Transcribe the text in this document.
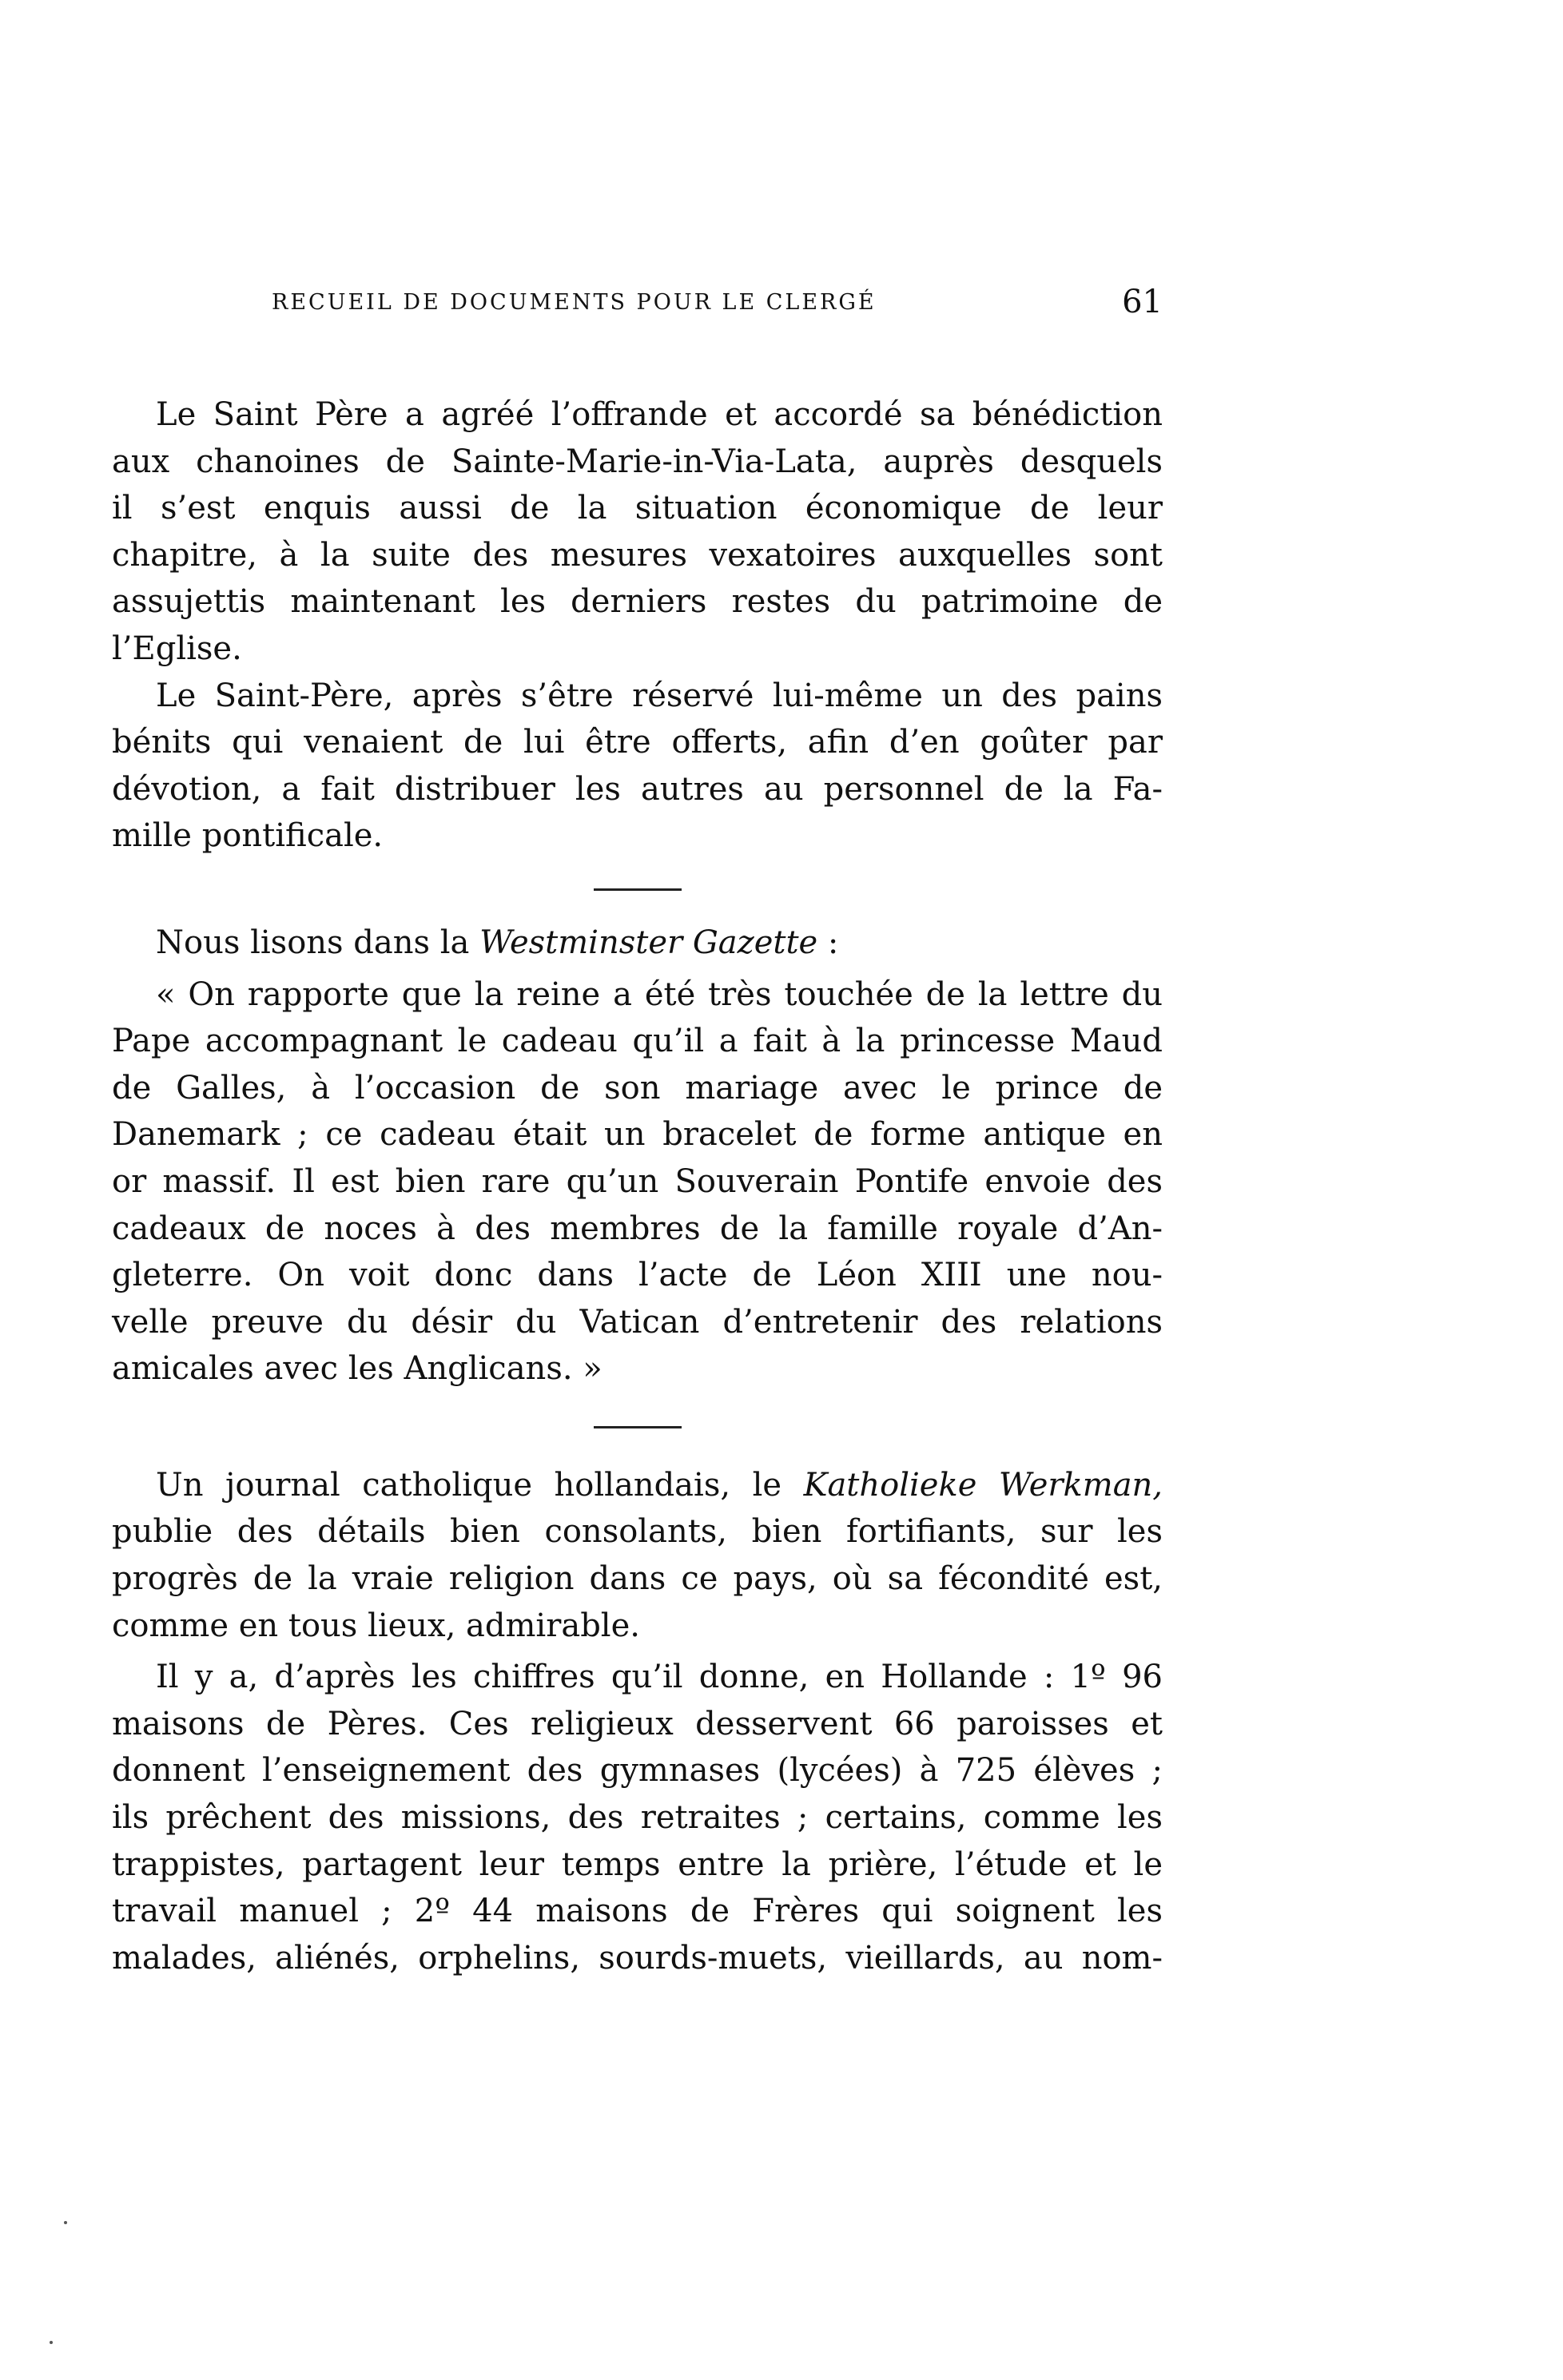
RECUEIL DE DOCUMENTS POUR LE CLERGÉ	61
Le Saint Père a agréé l’offrande et accordé sa bénédiction
aux chanoines de Sainte-Marie-in-Via-Lata, auprès desquels
il s’est enquis aussi de la situation économique de leur
chapitre, à la suite des mesures vexatoires auxquelles sont
assujettis maintenant les derniers restes du patrimoine de
l’Eglise.
Le Saint-Père, après s’être réservé lui-même un des pains
bénits qui venaient de lui être offerts, afin d’en goûter par
dévotion, a fait distribuer les autres au personnel de la Fa-
mille pontificale.
Nous lisons dans la Westminster Gazette :
« On rapporte que la reine a été très touchée de la lettre du
Pape accompagnant le cadeau qu’il a fait à la princesse Maud
de Galles, à l’occasion de son mariage avec le prince de
Danemark ; ce cadeau était un bracelet de forme antique en
or massif. Il est bien rare qu’un Souverain Pontife envoie des
cadeaux de noces à des membres de la famille royale d’An-
gleterre. On voit donc dans l’acte de Léon XIII une nou-
velle preuve du désir du Vatican d’entretenir des relations
amicales avec les Anglicans. »
Un journal catholique hollandais, le Katholieke Werkman,
publie des détails bien consolants, bien fortifiants, sur les
progrès de la vraie religion dans ce pays, où sa fécondité est,
comme en tous lieux, admirable.
Il y a, d’après les chiffres qu’il donne, en Hollande : 1º 96
maisons de Pères. Ces religieux desservent 66 paroisses et
donnent l’enseignement des gymnases (lycées) à 725 élèves ;
ils prêchent des missions, des retraites ; certains, comme les
trappistes, partagent leur temps entre la prière, l’étude et le
travail manuel ; 2º 44 maisons de Frères qui soignent les
malades, aliénés, orphelins, sourds-muets, vieillards, au nom-
